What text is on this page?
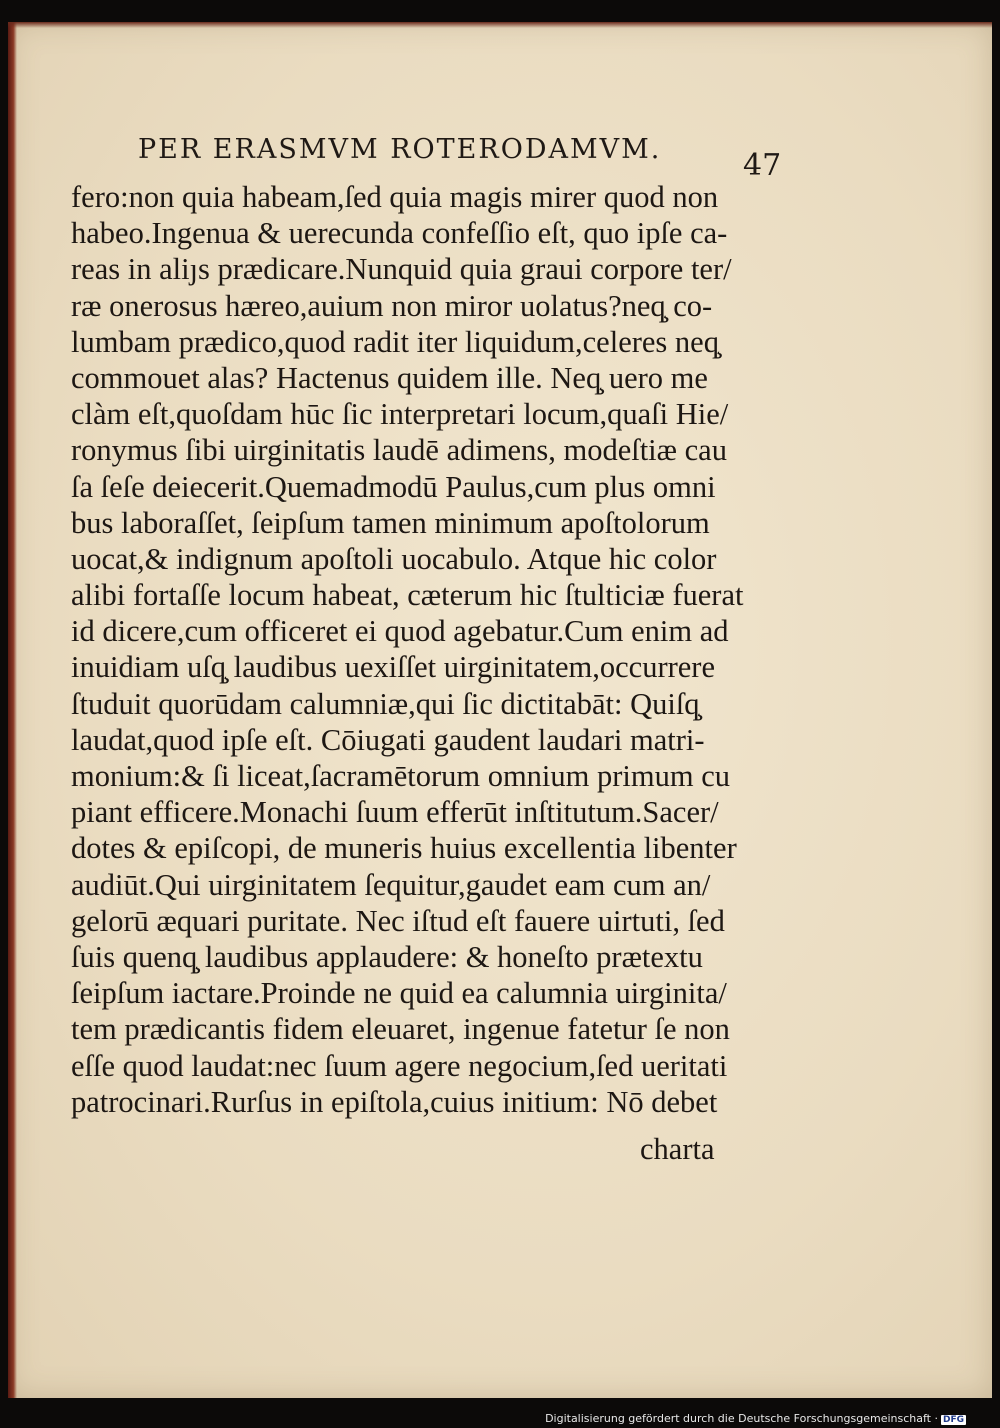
PER ERASMVM ROTERODAMVM.	47
fero:non quia habeam,ſed quia magis mirer quod non
habeo.Ingenua & uerecunda confeſſio eſt, quo ipſe ca-
reas in aliȷs prædicare.Nunquid quia graui corpore ter/
ræ onerosus hæreo,auium non miror uolatus?neq̧ co-
lumbam prædico,quod radit iter liquidum,celeres neq̧
commouet alas? Hactenus quidem ille. Neq̧ uero me
clàm eſt,quoſdam hūc ſic interpretari locum,quaſi Hie/
ronymus ſibi uirginitatis laudē adimens, modeſtiæ cau
ſa ſeſe deiecerit.Quemadmodū Paulus,cum plus omni
bus laboraſſet, ſeipſum tamen minimum apoſtolorum
uocat,& indignum apoſtoli uocabulo. Atque hic color
alibi fortaſſe locum habeat, cæterum hic ſtulticiæ fuerat
id dicere,cum officeret ei quod agebatur.Cum enim ad
inuidiam uſq̧ laudibus uexiſſet uirginitatem,occurrere
ſtuduit quorūdam calumniæ,qui ſic dictitabāt: Quiſq̧
laudat,quod ipſe eſt. Cōiugati gaudent laudari matri-
monium:& ſi liceat,ſacramētorum omnium primum cu
piant efficere.Monachi ſuum efferūt inſtitutum.Sacer/
dotes & epiſcopi, de muneris huius excellentia libenter
audiūt.Qui uirginitatem ſequitur,gaudet eam cum an/
gelorū æquari puritate. Nec iſtud eſt fauere uirtuti, ſed
ſuis quenq̧ laudibus applaudere: & honeſto prætextu
ſeipſum iactare.Proinde ne quid ea calumnia uirginita/
tem prædicantis fidem eleuaret, ingenue fatetur ſe non
eſſe quod laudat:nec ſuum agere negocium,ſed ueritati
patrocinari.Rurſus in epiſtola,cuius initium: Nō debet
charta
Digitalisierung gefördert durch die Deutsche Forschungsgemeinschaft · DFG
